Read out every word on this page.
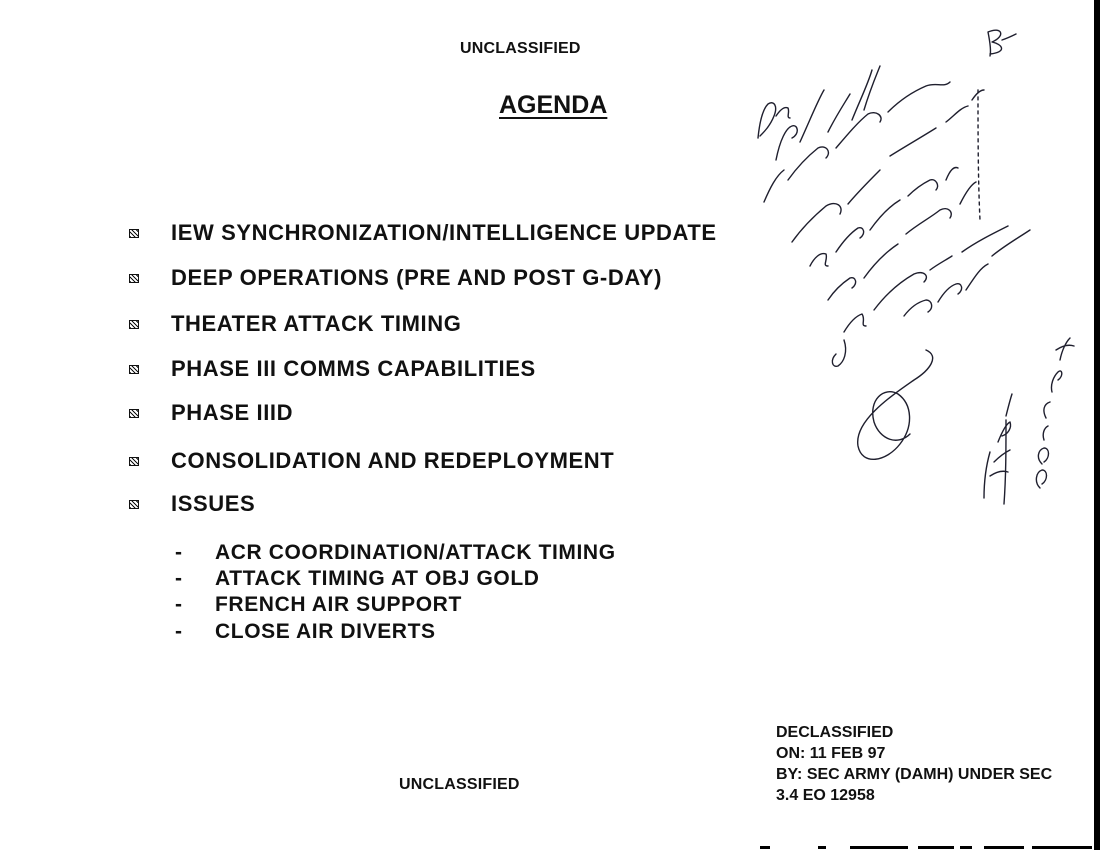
UNCLASSIFIED
AGENDA
IEW SYNCHRONIZATION/INTELLIGENCE UPDATE
DEEP OPERATIONS (PRE AND POST G-DAY)
THEATER ATTACK TIMING
PHASE III COMMS CAPABILITIES
PHASE IIID
CONSOLIDATION AND REDEPLOYMENT
ISSUES
- ACR COORDINATION/ATTACK TIMING
- ATTACK TIMING AT OBJ GOLD
- FRENCH AIR SUPPORT
- CLOSE AIR DIVERTS
UNCLASSIFIED
DECLASSIFIED
ON: 11 FEB 97
BY: SEC ARMY (DAMH) UNDER SEC
3.4 EO 12958
